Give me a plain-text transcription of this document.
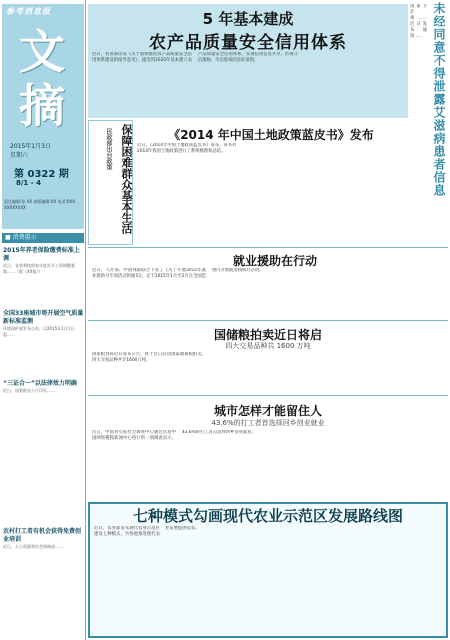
参考消息报
文
摘
2015年1月3日
星期六
第 0322 期
8/1 - 4
责任编辑:张 XX 本版编辑:XX 电话:0XX-XXXXXXXX
■ 消费提示
2015年养老保险缴费标准上调
近日，各省将按照本年度社平工资调整基数……（据《XX报》）
全国33座城市将开展空气质量新标准监测
环境保护部发布公告，自2015年1月1日起……
“三证合一”以法律效力明确
近日，国务院办公厅印发……
农村打工者有机会获得免费创业培训
近日，人力资源和社会保障部……
5 年基本建成
农产品质量安全信用体系
近日，农业部印发《关于加快推进农产品质量安全信用体系建设的指导意见》，提出到2020年基本建立农产品质量安全信用体系，实现信用信息共享，形成守信激励、失信惩戒的良好氛围。	未经同意不得泄露艾滋病患者信息
国家卫计委……近日发布通知……
保障困难群众基本生活
民政部出台政策	《2014 年中国土地政策蓝皮书》发布
近日，《2014年中国土地政策蓝皮书》发布。该书对2014年我国土地政策进行了系统梳理和总结。
就业援助在行动
近日，人社部、中国残联联合下发了《关于开展2015年就业援助月专项活动的通知》，定于2015年1月至2月在全国范围内开展就业援助月活动。
国储粮拍卖近日将启
四大交易品种共 1600 万吨
国家粮食局近日发布公告，将于近日启动国家储备粮拍卖，四大交易品种共计1600万吨。
城市怎样才能留住人
43.6%的打工者首选择回乡创业就业
近日，中国青年报社会调查中心通过民意中国网和搜狐新闻中心进行的一项调查显示，43.6%的打工者首选择回乡创业就业。
七种模式勾画现代农业示范区发展路线图
近日，农业部发布现代农业示范区建设七种模式，为各地推进现代农业发展提供借鉴。
